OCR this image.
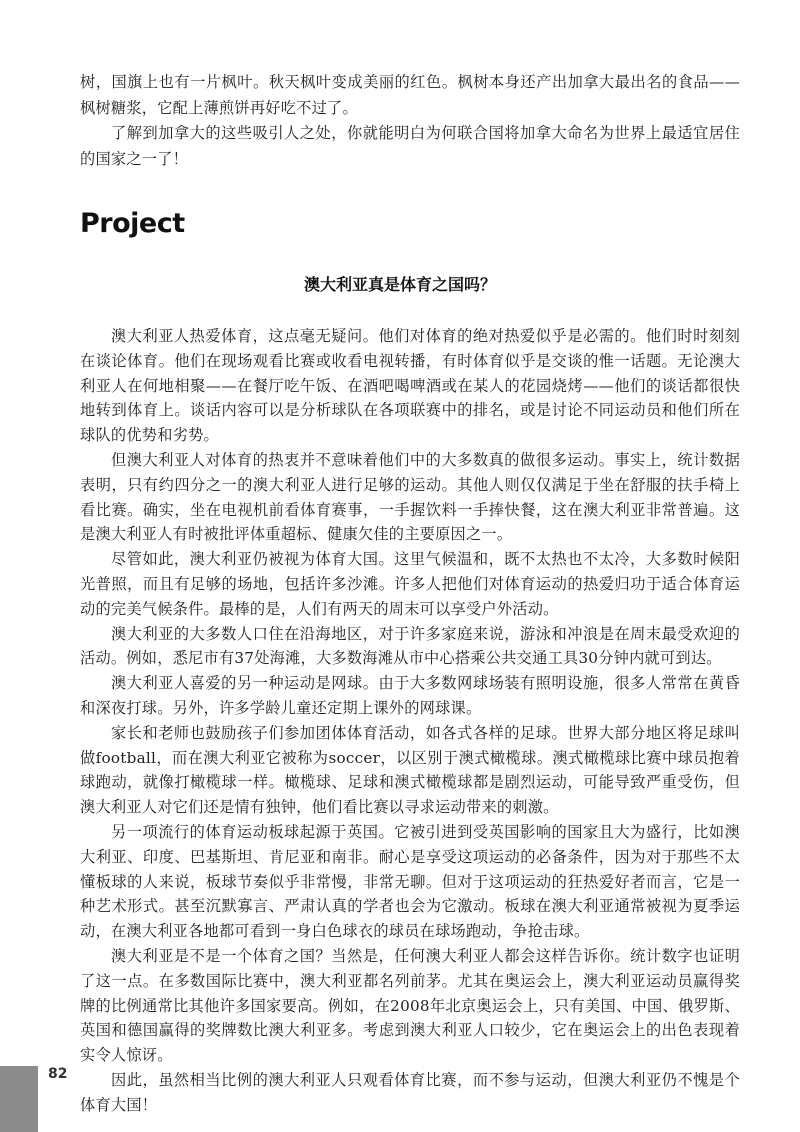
树，国旗上也有一片枫叶。秋天枫叶变成美丽的红色。枫树本身还产出加拿大最出名的食品——枫树糖浆，它配上薄煎饼再好吃不过了。

了解到加拿大的这些吸引人之处，你就能明白为何联合国将加拿大命名为世界上最适宜居住的国家之一了！

Project
澳大利亚真是体育之国吗？

澳大利亚人热爱体育，这点毫无疑问。他们对体育的绝对热爱似乎是必需的。他们时时刻刻在谈论体育。他们在现场观看比赛或收看电视转播，有时体育似乎是交谈的惟一话题。无论澳大利亚人在何地相聚——在餐厅吃午饭、在酒吧喝啤酒或在某人的花园烧烤——他们的谈话都很快地转到体育上。谈话内容可以是分析球队在各项联赛中的排名，或是讨论不同运动员和他们所在球队的优势和劣势。

但澳大利亚人对体育的热衷并不意味着他们中的大多数真的做很多运动。事实上，统计数据表明，只有约四分之一的澳大利亚人进行足够的运动。其他人则仅仅满足于坐在舒服的扶手椅上看比赛。确实，坐在电视机前看体育赛事，一手握饮料一手捧快餐，这在澳大利亚非常普遍。这是澳大利亚人有时被批评体重超标、健康欠佳的主要原因之一。

尽管如此，澳大利亚仍被视为体育大国。这里气候温和，既不太热也不太冷，大多数时候阳光普照，而且有足够的场地，包括许多沙滩。许多人把他们对体育运动的热爱归功于适合体育运动的完美气候条件。最棒的是，人们有两天的周末可以享受户外活动。

澳大利亚的大多数人口住在沿海地区，对于许多家庭来说，游泳和冲浪是在周末最受欢迎的活动。例如，悉尼市有37处海滩，大多数海滩从市中心搭乘公共交通工具30分钟内就可到达。

澳大利亚人喜爱的另一种运动是网球。由于大多数网球场装有照明设施，很多人常常在黄昏和深夜打球。另外，许多学龄儿童还定期上课外的网球课。

家长和老师也鼓励孩子们参加团体体育活动，如各式各样的足球。世界大部分地区将足球叫做football，而在澳大利亚它被称为soccer，以区别于澳式橄榄球。澳式橄榄球比赛中球员抱着球跑动，就像打橄榄球一样。橄榄球、足球和澳式橄榄球都是剧烈运动，可能导致严重受伤，但澳大利亚人对它们还是情有独钟，他们看比赛以寻求运动带来的刺激。

另一项流行的体育运动板球起源于英国。它被引进到受英国影响的国家且大为盛行，比如澳大利亚、印度、巴基斯坦、肯尼亚和南非。耐心是享受这项运动的必备条件，因为对于那些不太懂板球的人来说，板球节奏似乎非常慢，非常无聊。但对于这项运动的狂热爱好者而言，它是一种艺术形式。甚至沉默寡言、严肃认真的学者也会为它激动。板球在澳大利亚通常被视为夏季运动，在澳大利亚各地都可看到一身白色球衣的球员在球场跑动，争抢击球。

澳大利亚是不是一个体育之国？当然是，任何澳大利亚人都会这样告诉你。统计数字也证明了这一点。在多数国际比赛中，澳大利亚都名列前茅。尤其在奥运会上，澳大利亚运动员赢得奖牌的比例通常比其他许多国家要高。例如，在2008年北京奥运会上，只有美国、中国、俄罗斯、英国和德国赢得的奖牌数比澳大利亚多。考虑到澳大利亚人口较少，它在奥运会上的出色表现着实令人惊讶。

因此，虽然相当比例的澳大利亚人只观看体育比赛，而不参与运动，但澳大利亚仍不愧是个体育大国！

82
